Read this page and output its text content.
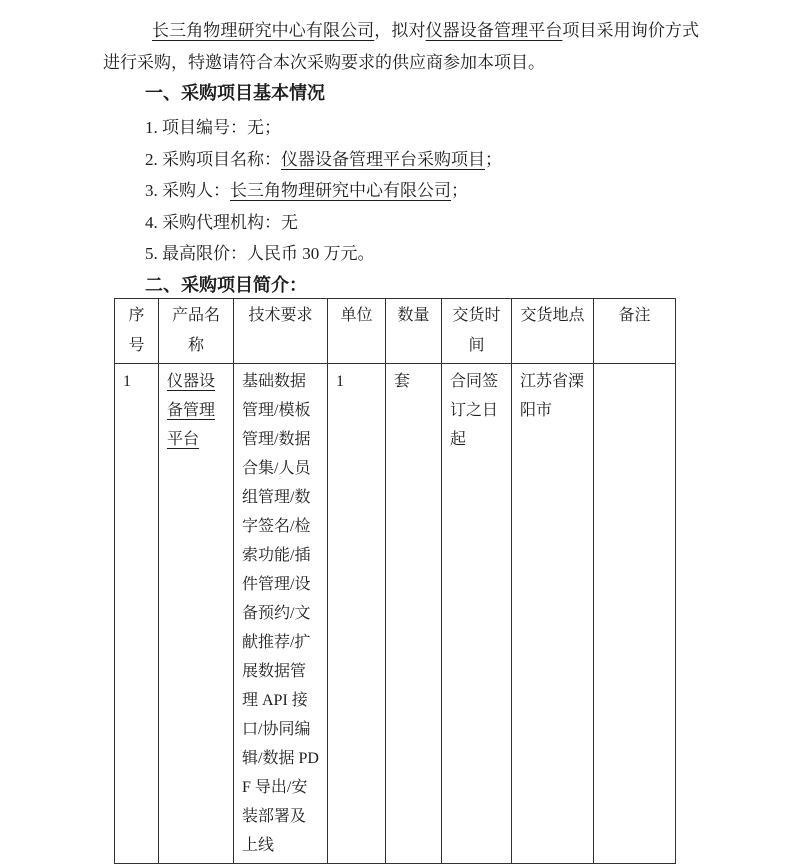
长三角物理研究中心有限公司，拟对仪器设备管理平台项目采用询价方式进行采购，特邀请符合本次采购要求的供应商参加本项目。

一、采购项目基本情况

1. 项目编号：无；

2. 采购项目名称：仪器设备管理平台采购项目；

3. 采购人：长三角物理研究中心有限公司；

4. 采购代理机构：无

5. 最高限价：人民币 30 万元。

二、采购项目简介：
序号	产品名称	技术要求	单位	数量	交货时间	交货地点	备注
1	仪器设备管理平台	基础数据管理/模板管理/数据合集/人员组管理/数字签名/检索功能/插件管理/设备预约/文献推荐/扩展数据管理 API 接口/协同编辑/数据 PDF 导出/安装部署及上线	1	套	合同签订之日起	江苏省溧阳市	
